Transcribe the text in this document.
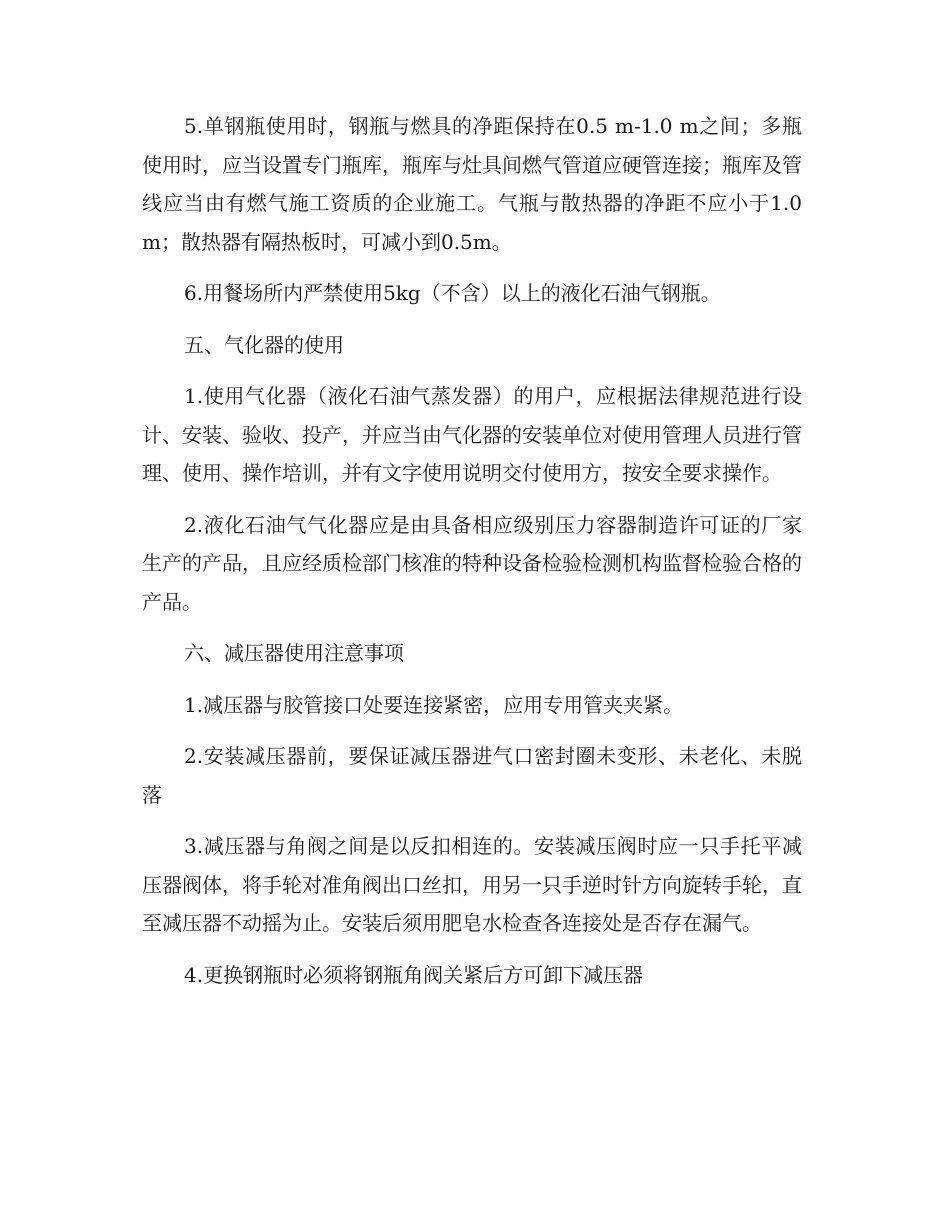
5.单钢瓶使用时，钢瓶与燃具的净距保持在0.5 m-1.0 m之间；多瓶使用时，应当设置专门瓶库，瓶库与灶具间燃气管道应硬管连接；瓶库及管线应当由有燃气施工资质的企业施工。气瓶与散热器的净距不应小于1.0m；散热器有隔热板时，可减小到0.5m。

6.用餐场所内严禁使用5kg（不含）以上的液化石油气钢瓶。

五、气化器的使用

1.使用气化器（液化石油气蒸发器）的用户，应根据法律规范进行设计、安装、验收、投产，并应当由气化器的安装单位对使用管理人员进行管理、使用、操作培训，并有文字使用说明交付使用方，按安全要求操作。

2.液化石油气气化器应是由具备相应级别压力容器制造许可证的厂家生产的产品，且应经质检部门核准的特种设备检验检测机构监督检验合格的产品。

六、减压器使用注意事项

1.减压器与胶管接口处要连接紧密，应用专用管夹夹紧。

2.安装减压器前，要保证减压器进气口密封圈未变形、未老化、未脱落

3.减压器与角阀之间是以反扣相连的。安装减压阀时应一只手托平减压器阀体，将手轮对准角阀出口丝扣，用另一只手逆时针方向旋转手轮，直至减压器不动摇为止。安装后须用肥皂水检查各连接处是否存在漏气。

4.更换钢瓶时必须将钢瓶角阀关紧后方可卸下减压器
